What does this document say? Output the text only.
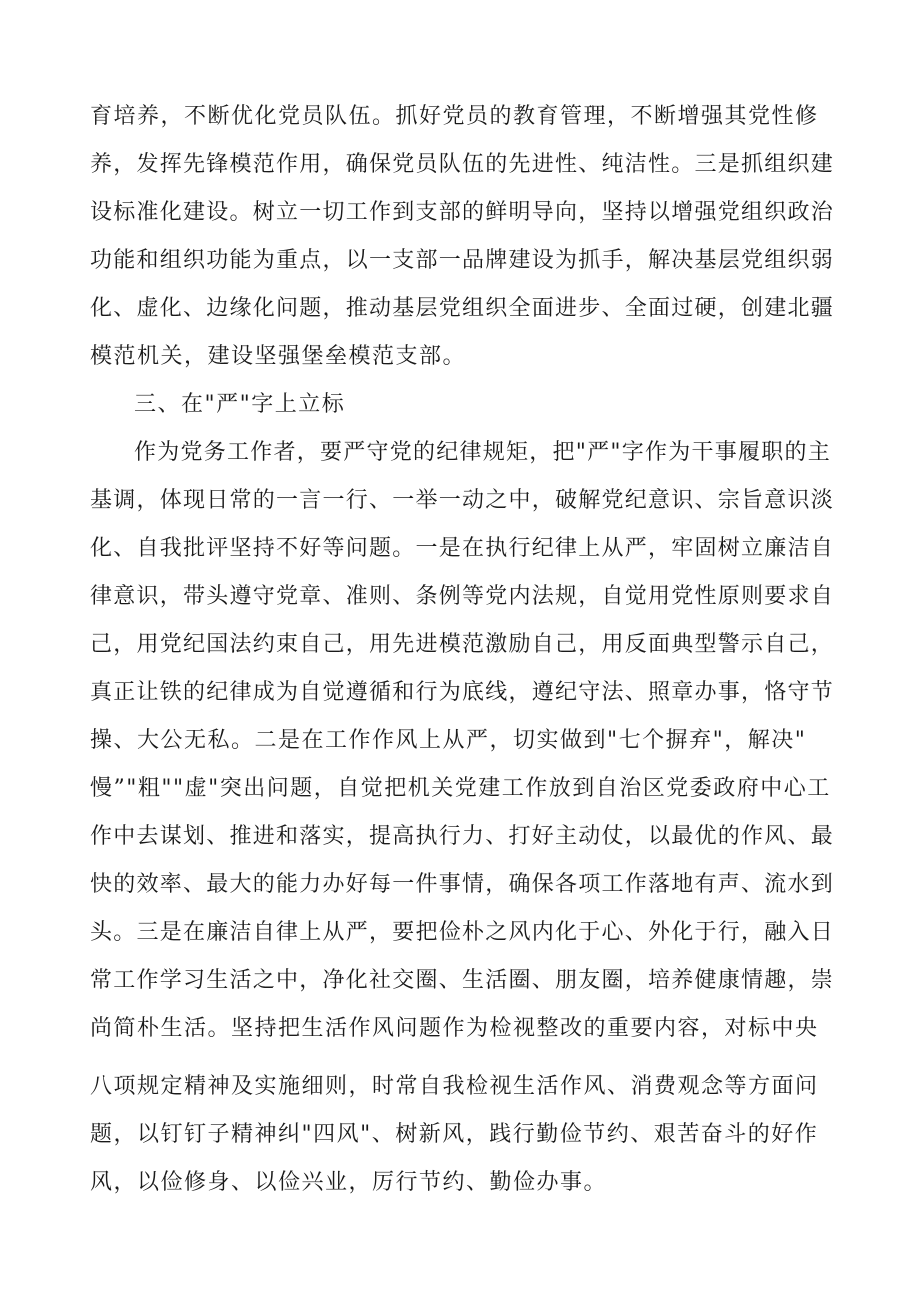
育培养，不断优化党员队伍。抓好党员的教育管理，不断增强其党性修
养，发挥先锋模范作用，确保党员队伍的先进性、纯洁性。三是抓组织建
设标准化建设。树立一切工作到支部的鲜明导向，坚持以增强党组织政治
功能和组织功能为重点，以一支部一品牌建设为抓手，解决基层党组织弱
化、虚化、边缘化问题，推动基层党组织全面进步、全面过硬，创建北疆
模范机关，建设坚强堡垒模范支部。
三、在"严"字上立标
作为党务工作者，要严守党的纪律规矩，把"严"字作为干事履职的主
基调，体现日常的一言一行、一举一动之中，破解党纪意识、宗旨意识淡
化、自我批评坚持不好等问题。一是在执行纪律上从严，牢固树立廉洁自
律意识，带头遵守党章、准则、条例等党内法规，自觉用党性原则要求自
己，用党纪国法约束自己，用先进模范激励自己，用反面典型警示自己，
真正让铁的纪律成为自觉遵循和行为底线，遵纪守法、照章办事，恪守节
操、大公无私。二是在工作作风上从严，切实做到"七个摒弃"，解决"
慢”"粗""虚"突出问题，自觉把机关党建工作放到自治区党委政府中心工
作中去谋划、推进和落实，提高执行力、打好主动仗，以最优的作风、最
快的效率、最大的能力办好每一件事情，确保各项工作落地有声、流水到
头。三是在廉洁自律上从严，要把俭朴之风内化于心、外化于行，融入日
常工作学习生活之中，净化社交圈、生活圈、朋友圈，培养健康情趣，崇
尚简朴生活。坚持把生活作风问题作为检视整改的重要内容，对标中央
八项规定精神及实施细则，时常自我检视生活作风、消费观念等方面问
题，以钉钉子精神纠"四风"、树新风，践行勤俭节约、艰苦奋斗的好作
风，以俭修身、以俭兴业，厉行节约、勤俭办事。
